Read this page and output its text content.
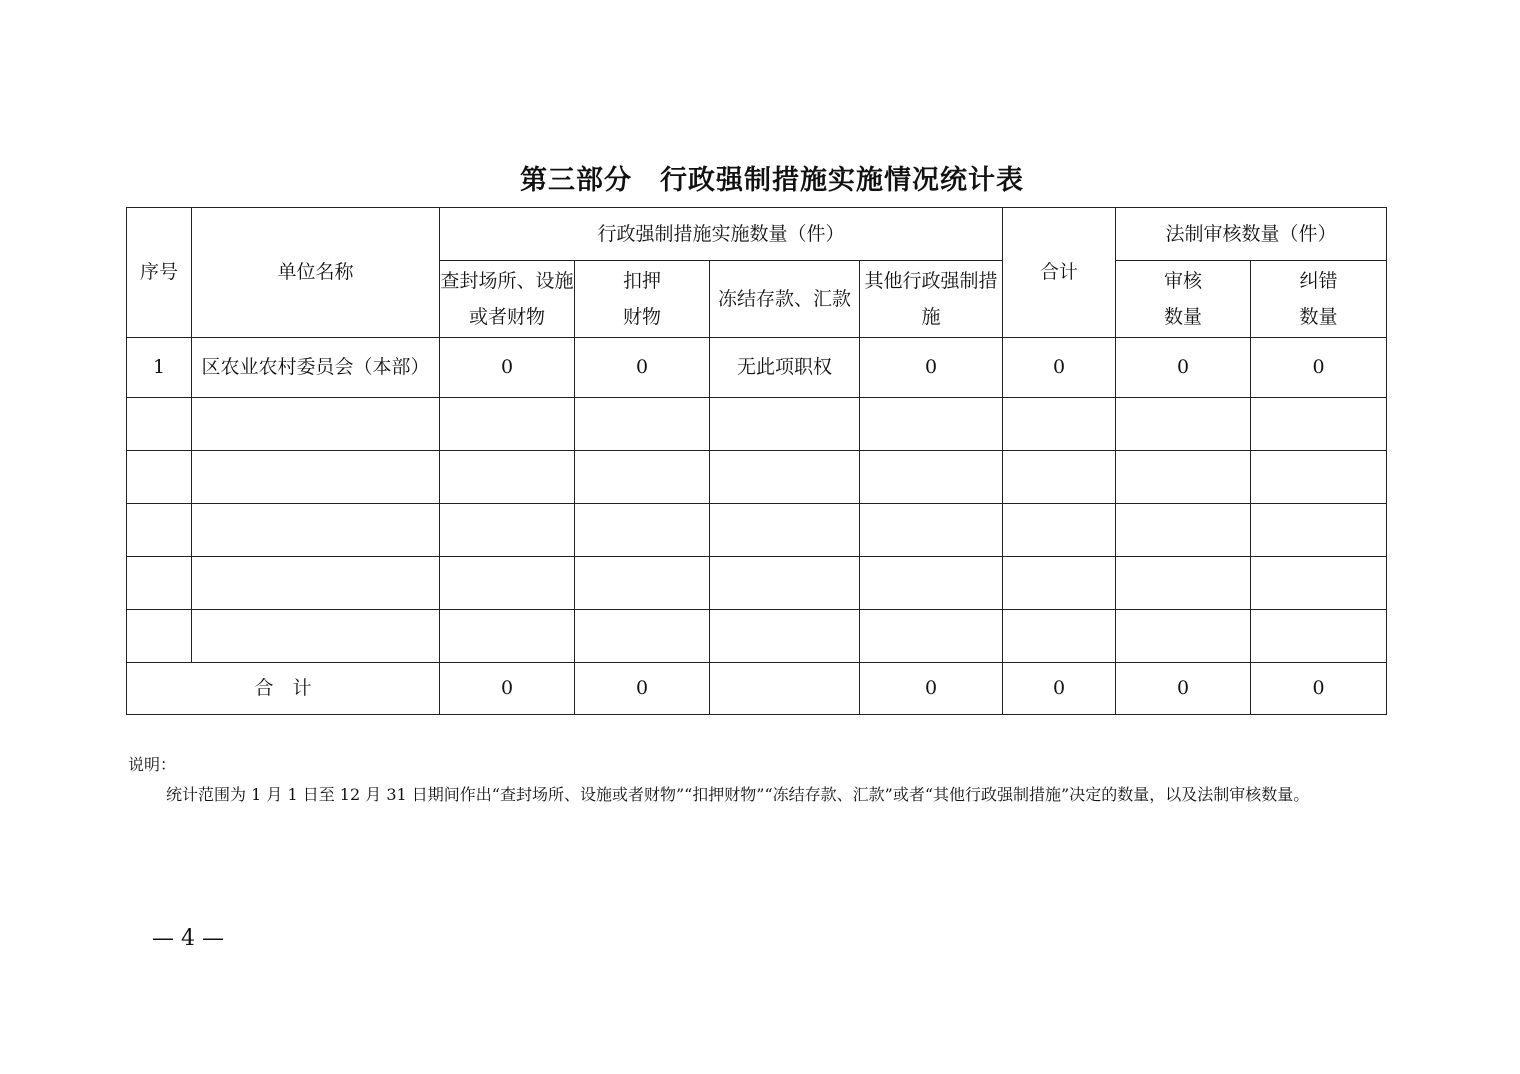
第三部分　行政强制措施实施情况统计表
序号	单位名称	行政强制措施实施数量（件）				合计	法制审核数量（件）	
		查封场所、设施或者财物	扣押财物	冻结存款、汇款	其他行政强制措施		审核数量	纠错数量
1	区农业农村委员会（本部）	0	0	无此项职权	0	0	0	0

合　计		0	0		0	0	0	0
说明：
统计范围为 1 月 1 日至 12 月 31 日期间作出“查封场所、设施或者财物”“扣押财物”“冻结存款、汇款”或者“其他行政强制措施”决定的数量，以及法制审核数量。
— 4 —
